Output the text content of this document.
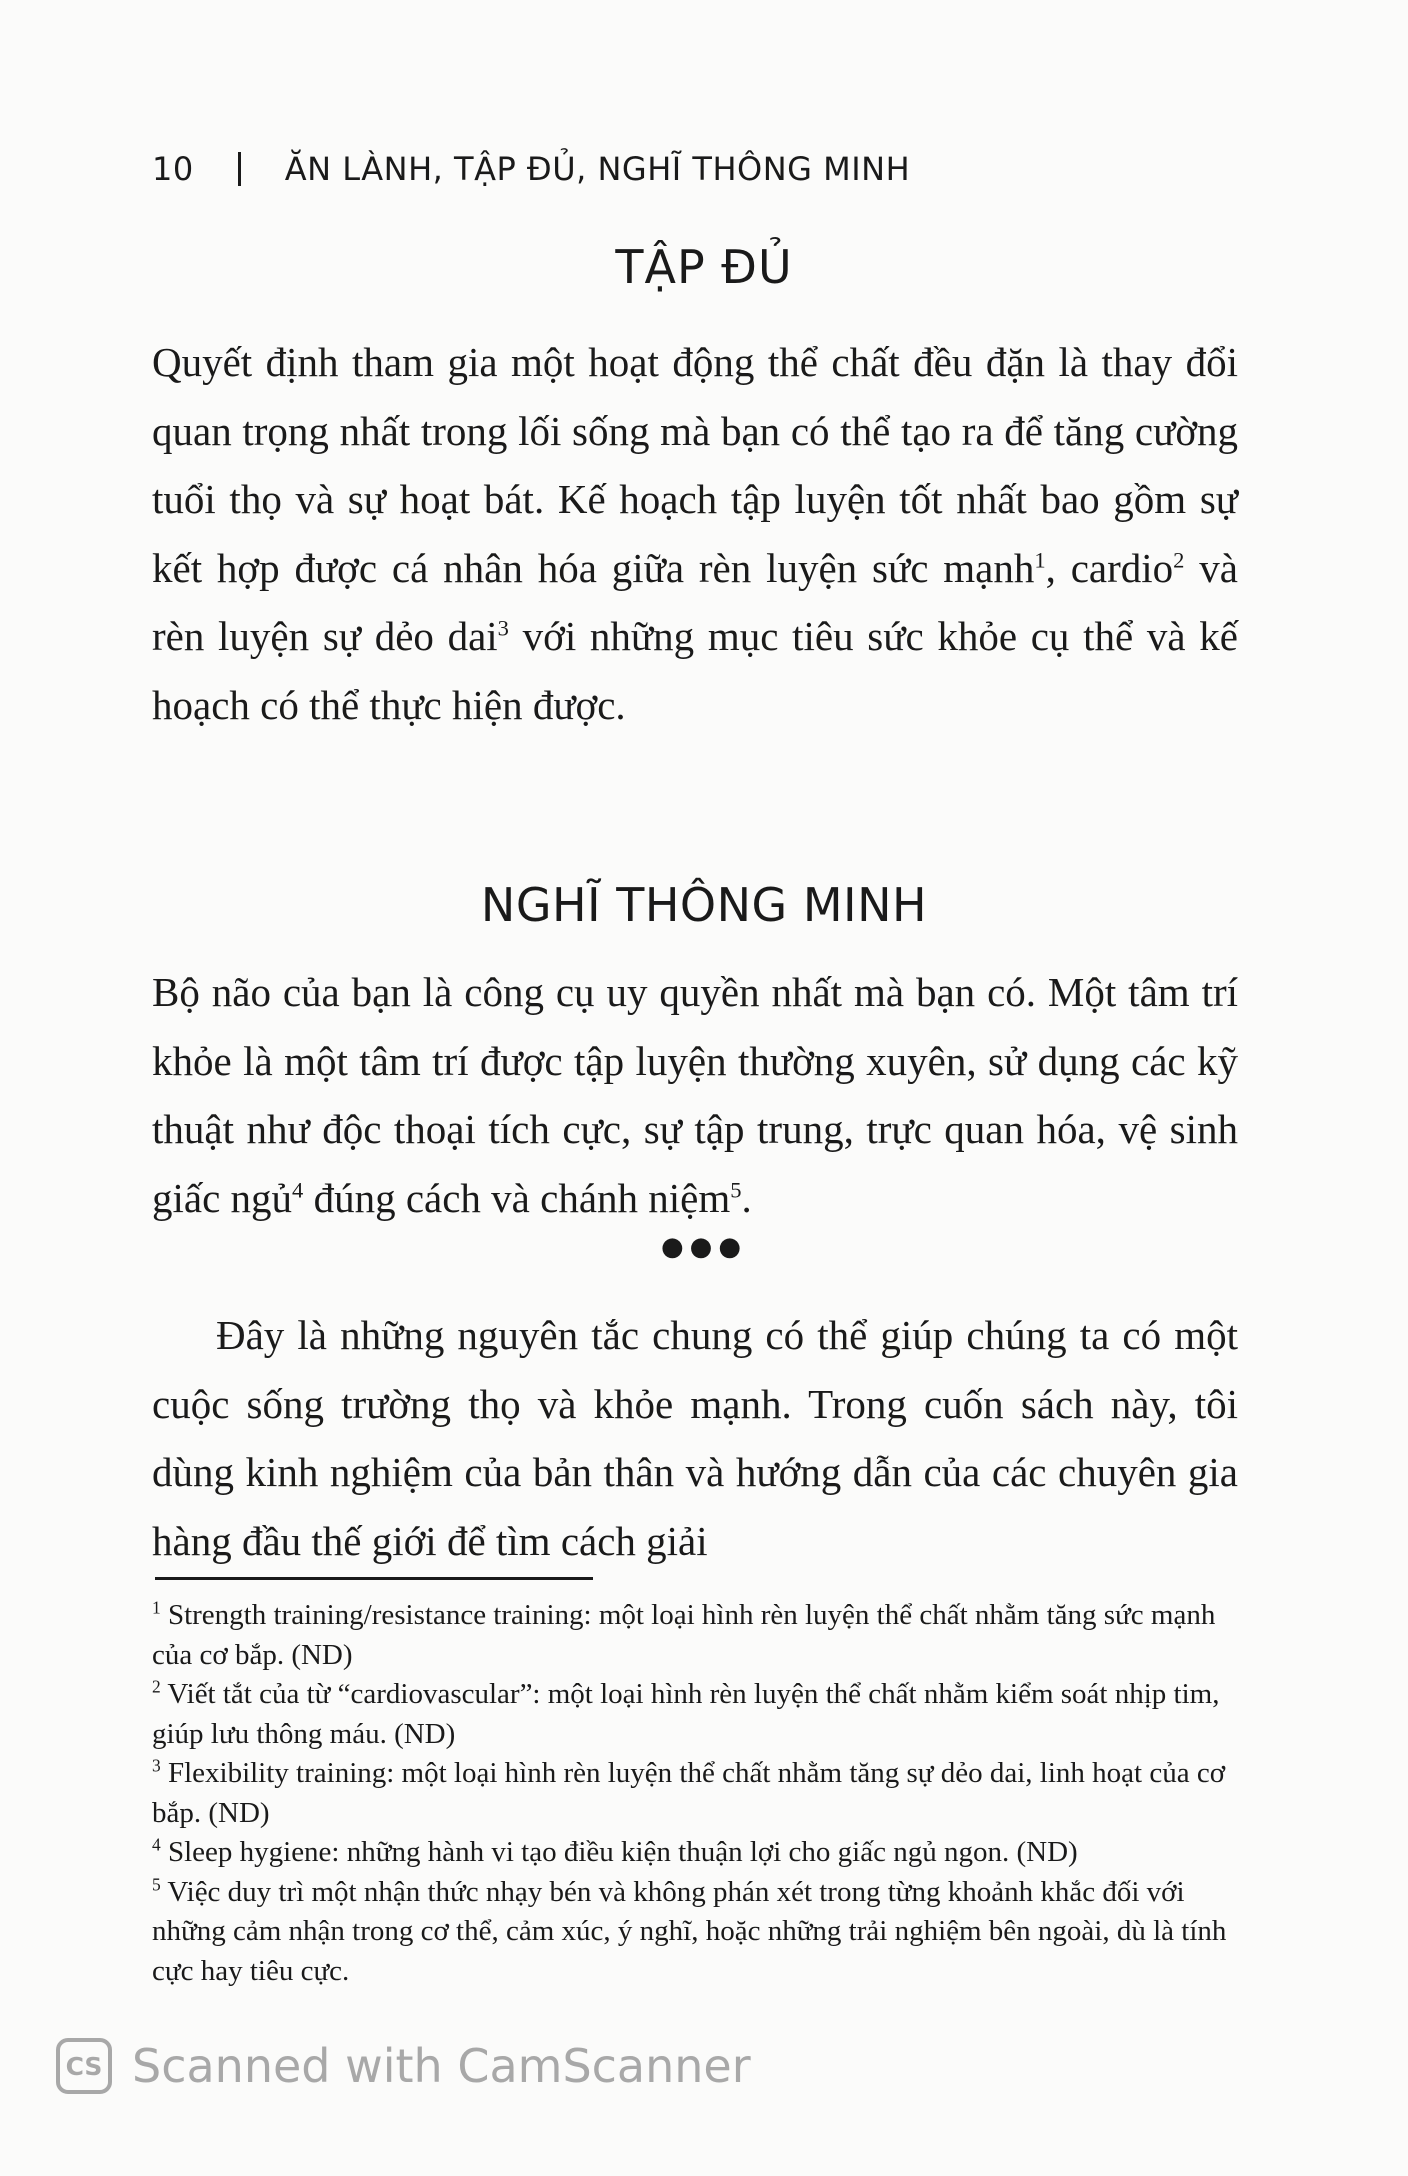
10	ĂN LÀNH, TẬP ĐỦ, NGHĨ THÔNG MINH
TẬP ĐỦ

Quyết định tham gia một hoạt động thể chất đều đặn là thay đổi quan trọng nhất trong lối sống mà bạn có thể tạo ra để tăng cường tuổi thọ và sự hoạt bát. Kế hoạch tập luyện tốt nhất bao gồm sự kết hợp được cá nhân hóa giữa rèn luyện sức mạnh$^1$, cardio$^2$ và rèn luyện sự dẻo dai$^3$ với những mục tiêu sức khỏe cụ thể và kế hoạch có thể thực hiện được.

NGHĨ THÔNG MINH

Bộ não của bạn là công cụ uy quyền nhất mà bạn có. Một tâm trí khỏe là một tâm trí được tập luyện thường xuyên, sử dụng các kỹ thuật như độc thoại tích cực, sự tập trung, trực quan hóa, vệ sinh giấc ngủ$^4$ đúng cách và chánh niệm$^5$.

●●●

Đây là những nguyên tắc chung có thể giúp chúng ta có một cuộc sống trường thọ và khỏe mạnh. Trong cuốn sách này, tôi dùng kinh nghiệm của bản thân và hướng dẫn của các chuyên gia hàng đầu thế giới để tìm cách giải

$^1$ Strength training/resistance training: một loại hình rèn luyện thể chất nhằm tăng sức mạnh của cơ bắp. (ND)

$^2$ Viết tắt của từ “cardiovascular”: một loại hình rèn luyện thể chất nhằm kiểm soát nhịp tim, giúp lưu thông máu. (ND)

$^3$ Flexibility training: một loại hình rèn luyện thể chất nhằm tăng sự dẻo dai, linh hoạt của cơ bắp. (ND)

$^4$ Sleep hygiene: những hành vi tạo điều kiện thuận lợi cho giấc ngủ ngon. (ND)

$^5$ Việc duy trì một nhận thức nhạy bén và không phán xét trong từng khoảnh khắc đối với những cảm nhận trong cơ thể, cảm xúc, ý nghĩ, hoặc những trải nghiệm bên ngoài, dù là tính cực hay tiêu cực.

CS Scanned with CamScanner
